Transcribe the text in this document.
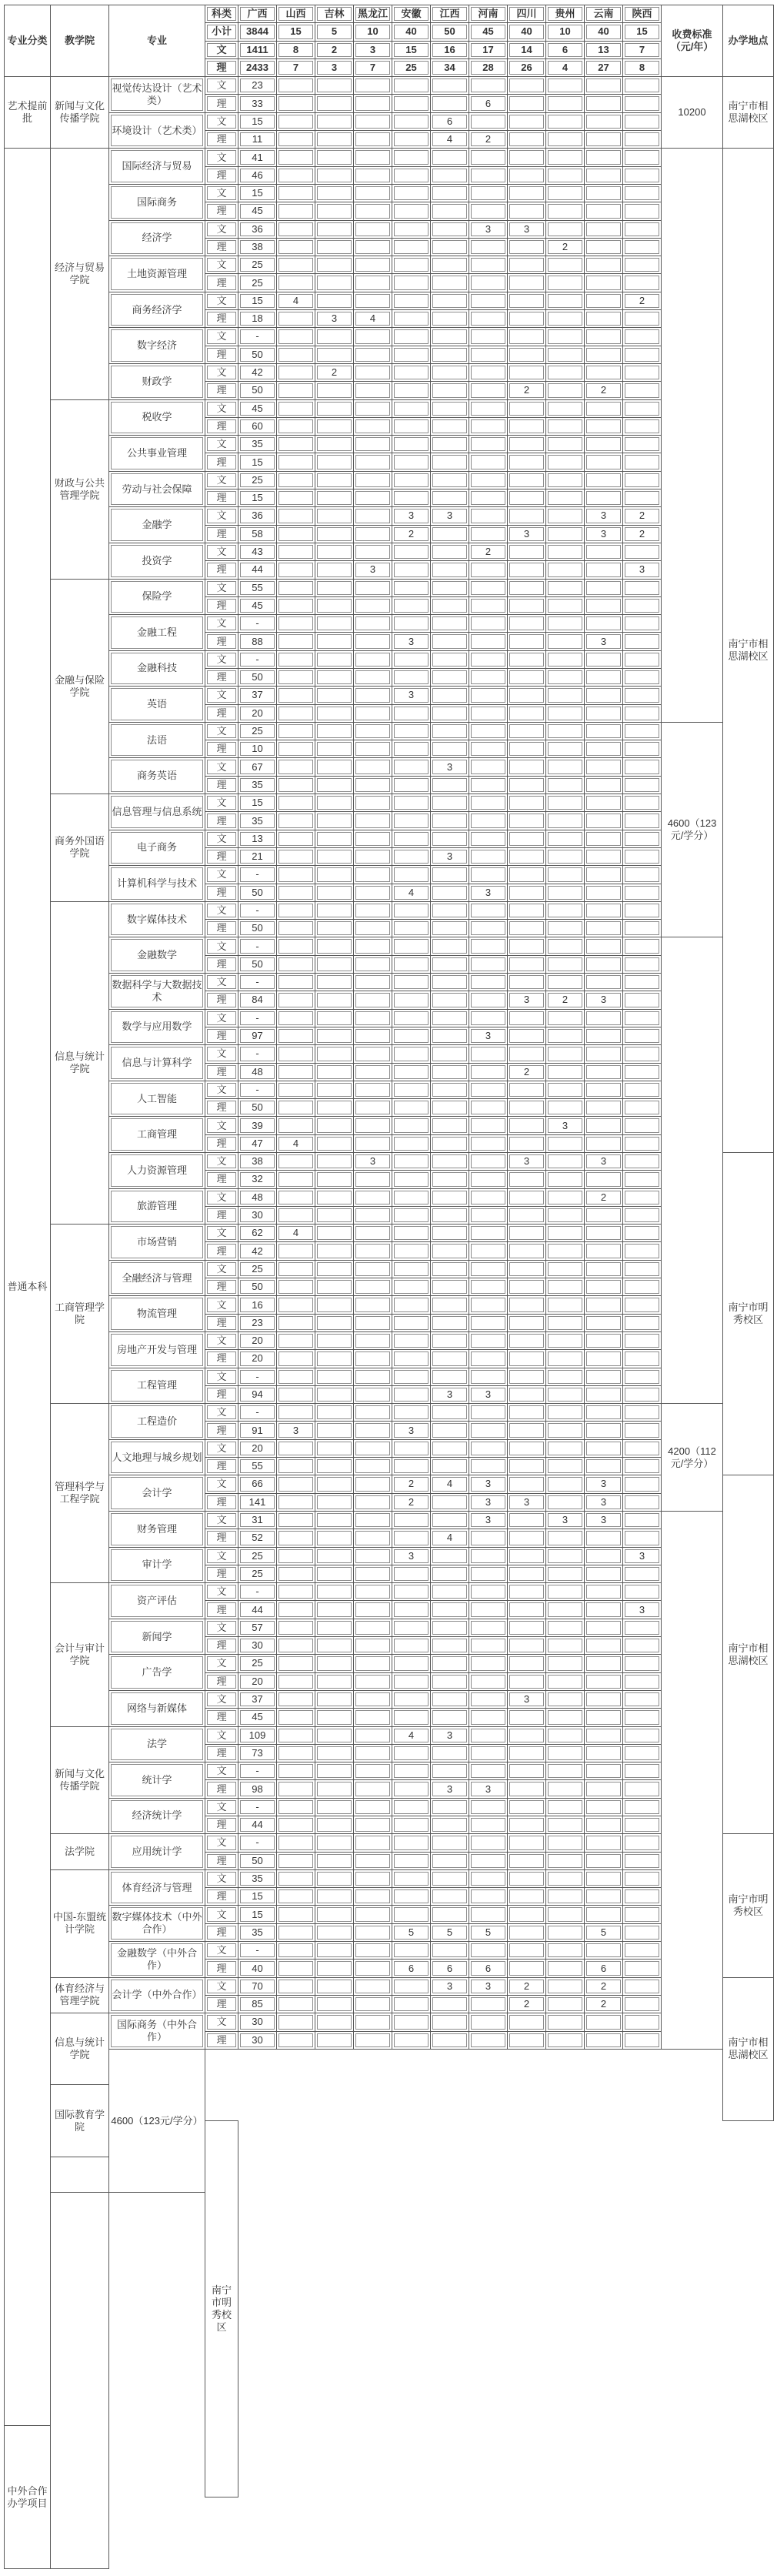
专业分类	教学院	专业	科类	广西	山西	吉林	黑龙江	安徽	江西	河南	四川	贵州	云南	陕西	收费标准（元/年）	办学地点
			小计	3844	15	5	10	40	50	45	40	10	40	15		
			文	1411	8	2	3	15	16	17	14	6	13	7		
			理	2433	7	3	7	25	34	28	26	4	27	8		
艺术提前批	新闻与文化传播学院	视觉传达设计（艺术类）	文	23											10200	南宁市相思湖校区
			理	33						6						
		环境设计（艺术类）	文	15					6							
			理	11					4	2						
普通本科	经济与贸易学院	国际经济与贸易	文	41												南宁市相思湖校区
			理	46												
		国际商务	文	15												
			理	45												
		经济学	文	36						3	3					
			理	38								2				
		土地资源管理	文	25												
			理	25												
		商务经济学	文	15	4									2		
			理	18		3	4									
		数字经济	文	-												
			理	50												
		财政学	文	42		2										
			理	50							2		2			
	财政与公共管理学院	税收学	文	45												
			理	60												
		公共事业管理	文	35												
			理	15												
		劳动与社会保障	文	25												
			理	15												
		金融学	文	36				3	3				3	2		
			理	58				2			3		3	2		
		投资学	文	43						2						
			理	44			3							3		
	金融与保险学院	保险学	文	55												
			理	45												
		金融工程	文	-												
			理	88				3					3			
		金融科技	文	-												
			理	50												
		英语	文	37				3								
			理	20												
		法语	文	25											4600（123元/学分）	
			理	10												
		商务英语	文	67					3							
			理	35												
	商务外国语学院	信息管理与信息系统	文	15												
			理	35												
		电子商务	文	13												
			理	21					3							
		计算机科学与技术	文	-												
			理	50				4		3						
	信息与统计学院	数字媒体技术	文	-												
			理	50												
		金融数学	文	-												
			理	50												
		数据科学与大数据技术	文	-												
			理	84							3	2	3			
		数学与应用数学	文	-												
			理	97						3						
		信息与计算科学	文	-												
			理	48							2					
		人工智能	文	-												
			理	50												
		工商管理	文	39								3				
			理	47	4											
		人力资源管理	文	38			3				3		3			南宁市明秀校区
			理	32												
		旅游管理	文	48									2			
			理	30												
	工商管理学院	市场营销	文	62	4											
			理	42												
		全融经济与管理	文	25												
			理	50												
		物流管理	文	16												
			理	23												
		房地产开发与管理	文	20												
			理	20												
		工程管理	文	-												
			理	94					3	3						
	管理科学与工程学院	工程造价	文	-											4200（112元/学分）	
			理	91	3			3								
		人文地理与城乡规划	文	20												
			理	55												
		会计学	文	66				2	4	3			3			南宁市相思湖校区
			理	141				2		3	3		3			
		财务管理	文	31						3		3	3			
			理	52					4							
		审计学	文	25				3						3		
			理	25												
	会计与审计学院	资产评估	文	-												
			理	44										3		
		新闻学	文	57												
			理	30												
		广告学	文	25												
			理	20												
		网络与新媒体	文	37							3					
			理	45												
	新闻与文化传播学院	法学	文	109				4	3							
			理	73												
		统计学	文	-												
			理	98					3	3						
		经济统计学	文	-												
			理	44												
	法学院	应用统计学	文	-												南宁市明秀校区
			理	50												
	中国-东盟统计学院	体育经济与管理	文	35												
			理	15												
		数字媒体技术（中外合作）	文	15												
			理	35				5	5	5			5			
		金融数学（中外合作）	文	-												
			理	40				6	6	6			6			
	体育经济与管理学院	会计学（中外合作）	文	70					3	3	2		2			南宁市相思湖校区
			理	85							2		2			
	信息与统计学院	国际商务（中外合作）	文	30												
			理	30												
		4600（123元/学分）														

	国际教育学院															

			南宁市明秀校区													

中外合作办学项目																
